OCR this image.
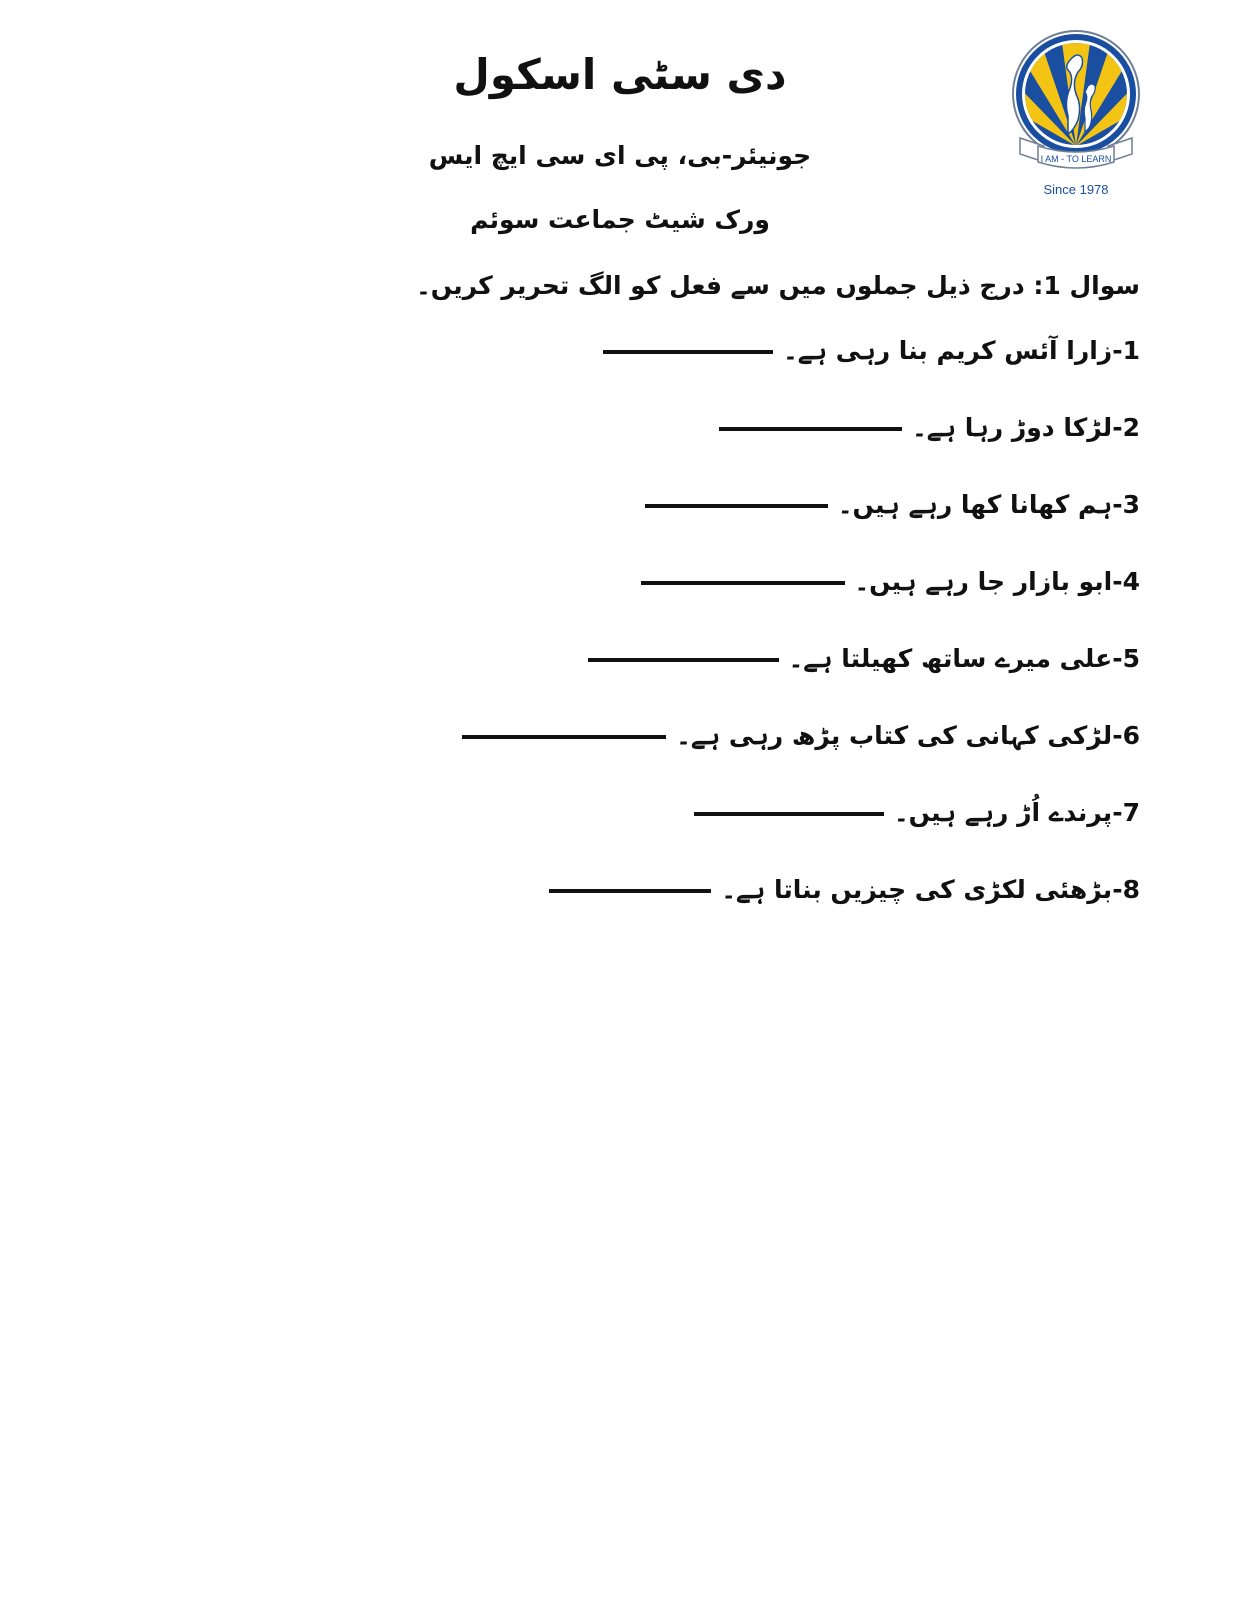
دی سٹی اسکول
جونیئر-بی، پی ای سی ایچ ایس
ورک شیٹ جماعت سوئم
I AM - TO LEARN
Since 1978
سوال 1: درج ذیل جملوں میں سے فعل کو الگ تحریر کریں۔
1
-
زارا آئس کریم بنا رہی ہے۔
2
-
لڑکا دوڑ رہا ہے۔
3
-
ہم کھانا کھا رہے ہیں۔
4
-
ابو بازار جا رہے ہیں۔
5
-
علی میرے ساتھ کھیلتا ہے۔
6
-
لڑکی کہانی کی کتاب پڑھ رہی ہے۔
7
-
پرندے اُڑ رہے ہیں۔
8
-
بڑھئی لکڑی کی چیزیں بناتا ہے۔
